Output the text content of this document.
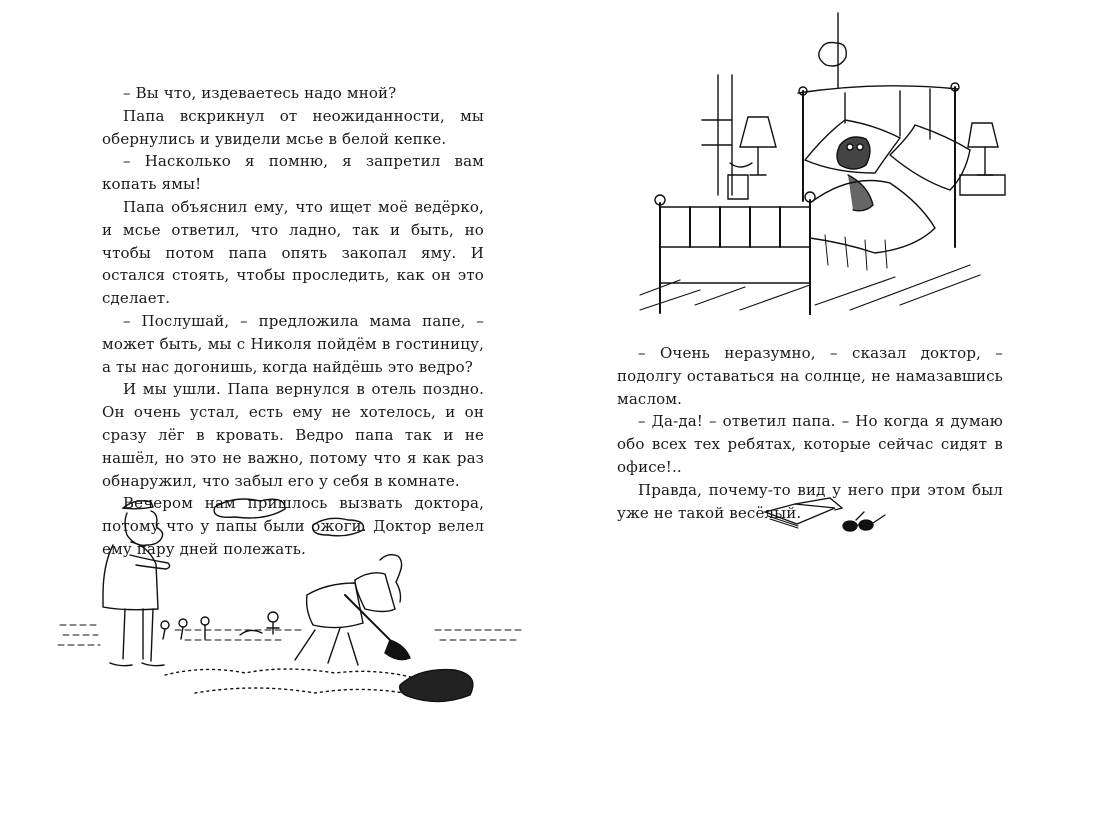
– Вы что, издеваетесь надо мной?

Папа вскрикнул от неожиданности, мы обернулись и увидели мсье в белой кепке.

– Насколько я помню, я запретил вам копать ямы!

Папа объяснил ему, что ищет моё ведёрко, и мсье ответил, что ладно, так и быть, но чтобы потом папа опять закопал яму. И остался стоять, чтобы проследить, как он это сделает.

– Послушай, – предложила мама папе, – может быть, мы с Николя пойдём в гостиницу, а ты нас догонишь, когда найдёшь это ведро?

И мы ушли. Папа вернулся в отель поздно. Он очень устал, есть ему не хотелось, и он сразу лёг в кровать. Ведро папа так и не нашёл, но это не важно, потому что я как раз обнаружил, что забыл его у себя в комнате.

Вечером нам пришлось вызвать доктора, потому что у папы были ожоги. Доктор велел ему пару дней полежать.

– Очень неразумно, – сказал доктор, – подолгу оставаться на солнце, не намазавшись маслом.

– Да-да! – ответил папа. – Но когда я думаю обо всех тех ребятах, которые сейчас сидят в офисе!..

Правда, почему-то вид у него при этом был уже не такой весёлый.
